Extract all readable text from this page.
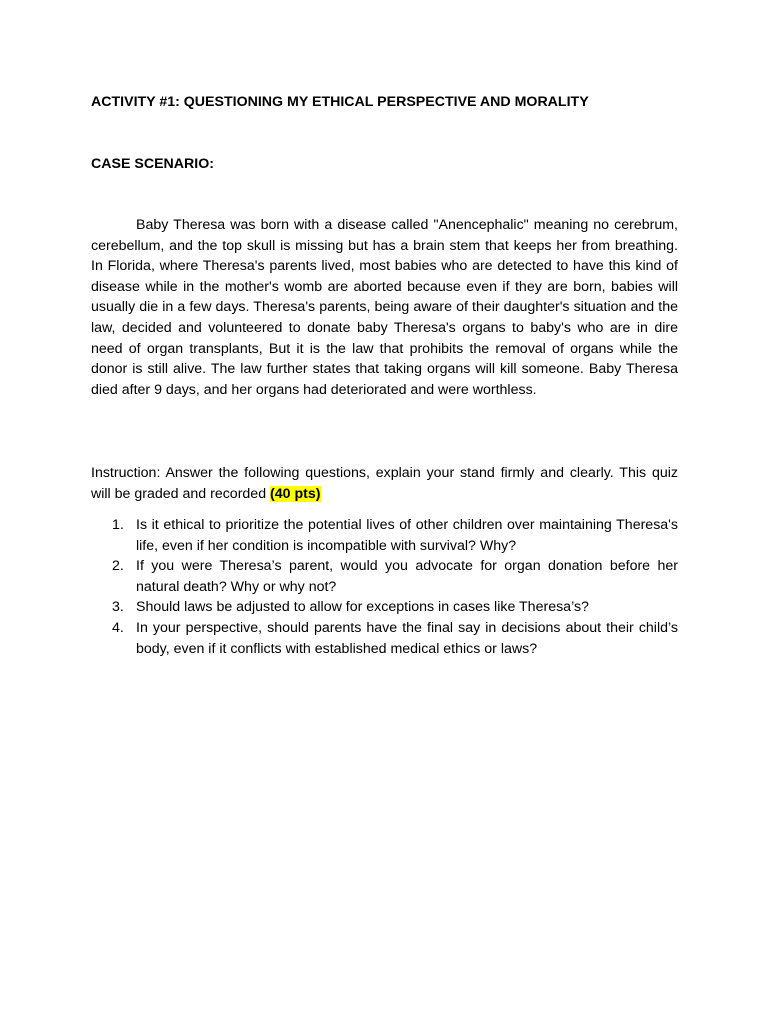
ACTIVITY #1: QUESTIONING MY ETHICAL PERSPECTIVE AND MORALITY
CASE SCENARIO:

Baby Theresa was born with a disease called "Anencephalic" meaning no cerebrum, cerebellum, and the top skull is missing but has a brain stem that keeps her from breathing. In Florida, where Theresa's parents lived, most babies who are detected to have this kind of disease while in the mother's womb are aborted because even if they are born, babies will usually die in a few days. Theresa's parents, being aware of their daughter's situation and the law, decided and volunteered to donate baby Theresa's organs to baby's who are in dire need of organ transplants, But it is the law that prohibits the removal of organs while the donor is still alive. The law further states that taking organs will kill someone. Baby Theresa died after 9 days, and her organs had deteriorated and were worthless.

Instruction: Answer the following questions, explain your stand firmly and clearly. This quiz will be graded and recorded (40 pts)

1. Is it ethical to prioritize the potential lives of other children over maintaining Theresa's life, even if her condition is incompatible with survival? Why?
2. If you were Theresa’s parent, would you advocate for organ donation before her natural death? Why or why not?
3. Should laws be adjusted to allow for exceptions in cases like Theresa’s?
4. In your perspective, should parents have the final say in decisions about their child’s body, even if it conflicts with established medical ethics or laws?
